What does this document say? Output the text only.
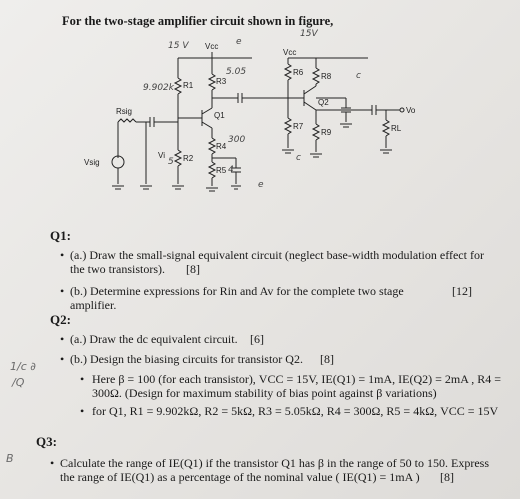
For the two-stage amplifier circuit shown in figure,
Vcc
Vcc
R1	R3
Q1
R4
R5
R2
Rsig
Vsig
Vi
R6
R7
R8
Q2
R9	RL
Vo
15 V
15V
e
5.05
9.902k
300
5
4
c
c
e
Q1:
• (a.) Draw the small-signal equivalent circuit (neglect base-width modulation effect for
the two transistors). [8]
• (b.) Determine expressions for Rin and Av for the complete two stage amplifier.
[12]
Q2:
• (a.) Draw the dc equivalent circuit. [6]
• (b.) Design the biasing circuits for transistor Q2. [8]
• Here β = 100 (for each transistor), VCC = 15V, IE(Q1) = 1mA, IE(Q2) = 2mA , R4 =
300Ω. (Design for maximum stability of bias point against β variations)
• for Q1, R1 = 9.902kΩ, R2 = 5kΩ, R3 = 5.05kΩ, R4 = 300Ω, R5 = 4kΩ, VCC = 15V
Q3:
• Calculate the range of IE(Q1) if the transistor Q1 has β in the range of 50 to 150. Express
the range of IE(Q1) as a percentage of the nominal value ( IE(Q1) = 1mA )	[8]
1/c ∂
/Q
B
